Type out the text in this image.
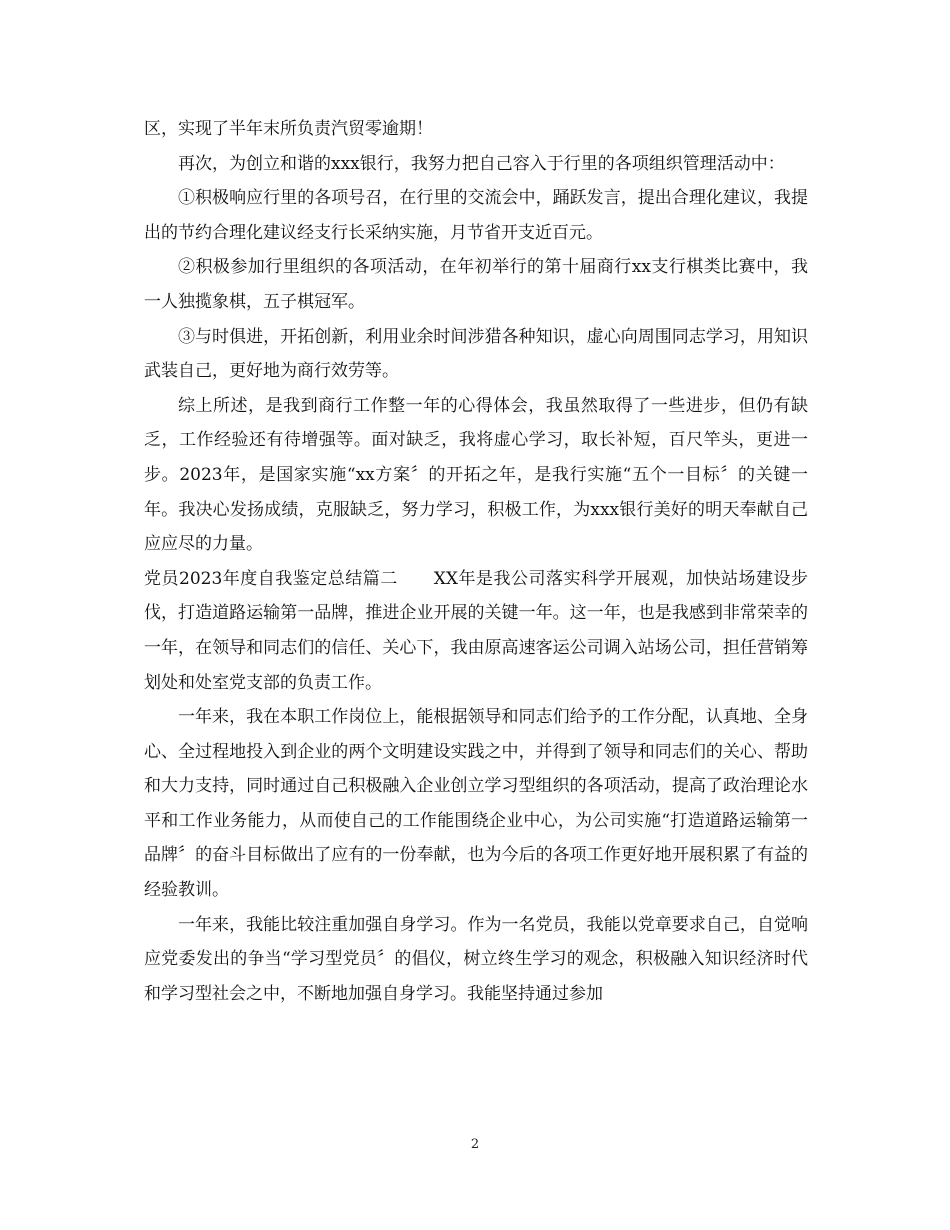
区，实现了半年末所负责汽贸零逾期！

再次，为创立和谐的xxx银行，我努力把自己容入于行里的各项组织管理活动中：

①积极响应行里的各项号召，在行里的交流会中，踊跃发言，提出合理化建议，我提出的节约合理化建议经支行长采纳实施，月节省开支近百元。

②积极参加行里组织的各项活动，在年初举行的第十届商行xx支行棋类比赛中，我一人独揽象棋，五子棋冠军。

③与时俱进，开拓创新，利用业余时间涉猎各种知识，虚心向周围同志学习，用知识武装自己，更好地为商行效劳等。

综上所述，是我到商行工作整一年的心得体会，我虽然取得了一些进步，但仍有缺乏，工作经验还有待增强等。面对缺乏，我将虚心学习，取长补短，百尺竿头，更进一步。2023年，是国家实施“xx方案〞的开拓之年，是我行实施“五个一目标〞的关键一年。我决心发扬成绩，克服缺乏，努力学习，积极工作，为xxx银行美好的明天奉献自己应应尽的力量。

党员2023年度自我鉴定总结篇二 XX年是我公司落实科学开展观，加快站场建设步伐，打造道路运输第一品牌，推进企业开展的关键一年。这一年，也是我感到非常荣幸的一年，在领导和同志们的信任、关心下，我由原高速客运公司调入站场公司，担任营销筹划处和处室党支部的负责工作。

一年来，我在本职工作岗位上，能根据领导和同志们给予的工作分配，认真地、全身心、全过程地投入到企业的两个文明建设实践之中，并得到了领导和同志们的关心、帮助和大力支持，同时通过自己积极融入企业创立学习型组织的各项活动，提高了政治理论水平和工作业务能力，从而使自己的工作能围绕企业中心，为公司实施“打造道路运输第一品牌〞的奋斗目标做出了应有的一份奉献，也为今后的各项工作更好地开展积累了有益的经验教训。

一年来，我能比较注重加强自身学习。作为一名党员，我能以党章要求自己，自觉响应党委发出的争当“学习型党员〞的倡仪，树立终生学习的观念，积极融入知识经济时代和学习型社会之中，不断地加强自身学习。我能坚持通过参加

2
